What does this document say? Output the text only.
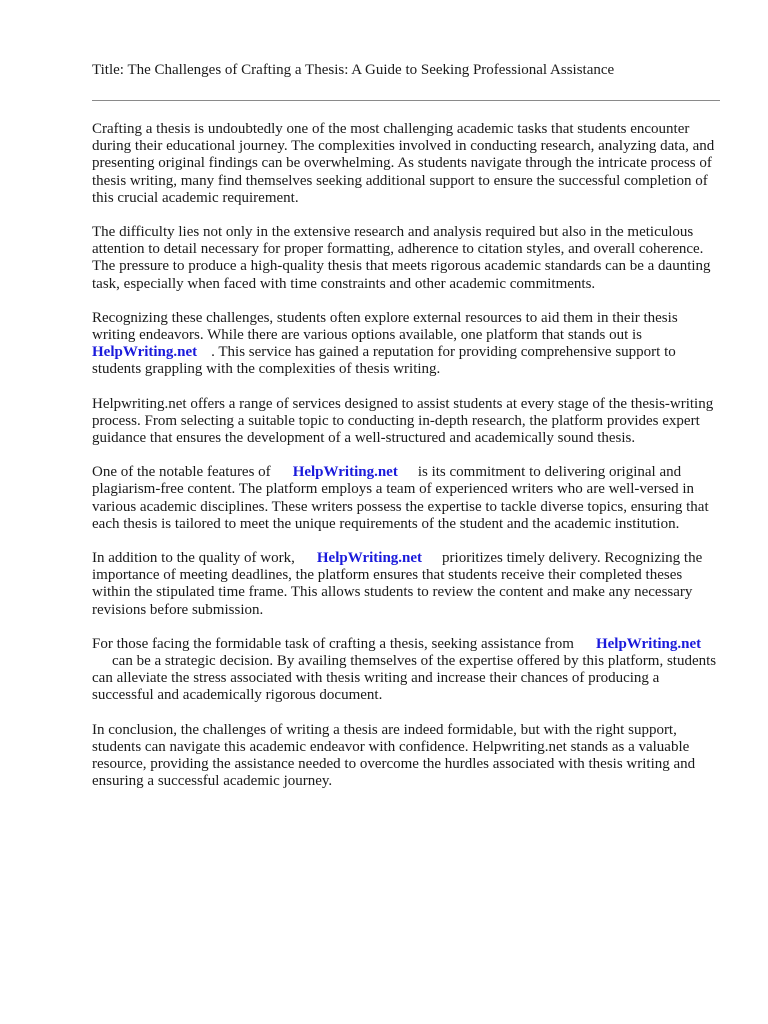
Title: The Challenges of Crafting a Thesis: A Guide to Seeking Professional Assistance

Crafting a thesis is undoubtedly one of the most challenging academic tasks that students encounter during their educational journey. The complexities involved in conducting research, analyzing data, and presenting original findings can be overwhelming. As students navigate through the intricate process of thesis writing, many find themselves seeking additional support to ensure the successful completion of this crucial academic requirement.

The difficulty lies not only in the extensive research and analysis required but also in the meticulous attention to detail necessary for proper formatting, adherence to citation styles, and overall coherence. The pressure to produce a high-quality thesis that meets rigorous academic standards can be a daunting task, especially when faced with time constraints and other academic commitments.

Recognizing these challenges, students often explore external resources to aid them in their thesis writing endeavors. While there are various options available, one platform that stands out is
HelpWriting.net . This service has gained a reputation for providing comprehensive support to students grappling with the complexities of thesis writing.

Helpwriting.net offers a range of services designed to assist students at every stage of the thesis-writing process. From selecting a suitable topic to conducting in-depth research, the platform provides expert guidance that ensures the development of a well-structured and academically sound thesis.

One of the notable features of HelpWriting.net is its commitment to delivering original and plagiarism-free content. The platform employs a team of experienced writers who are well-versed in various academic disciplines. These writers possess the expertise to tackle diverse topics, ensuring that each thesis is tailored to meet the unique requirements of the student and the academic institution.

In addition to the quality of work, HelpWriting.net prioritizes timely delivery. Recognizing the importance of meeting deadlines, the platform ensures that students receive their completed theses within the stipulated time frame. This allows students to review the content and make any necessary revisions before submission.

For those facing the formidable task of crafting a thesis, seeking assistance from HelpWriting.net
can be a strategic decision. By availing themselves of the expertise offered by this platform, students can alleviate the stress associated with thesis writing and increase their chances of producing a successful and academically rigorous document.

In conclusion, the challenges of writing a thesis are indeed formidable, but with the right support, students can navigate this academic endeavor with confidence. Helpwriting.net stands as a valuable resource, providing the assistance needed to overcome the hurdles associated with thesis writing and ensuring a successful academic journey.
